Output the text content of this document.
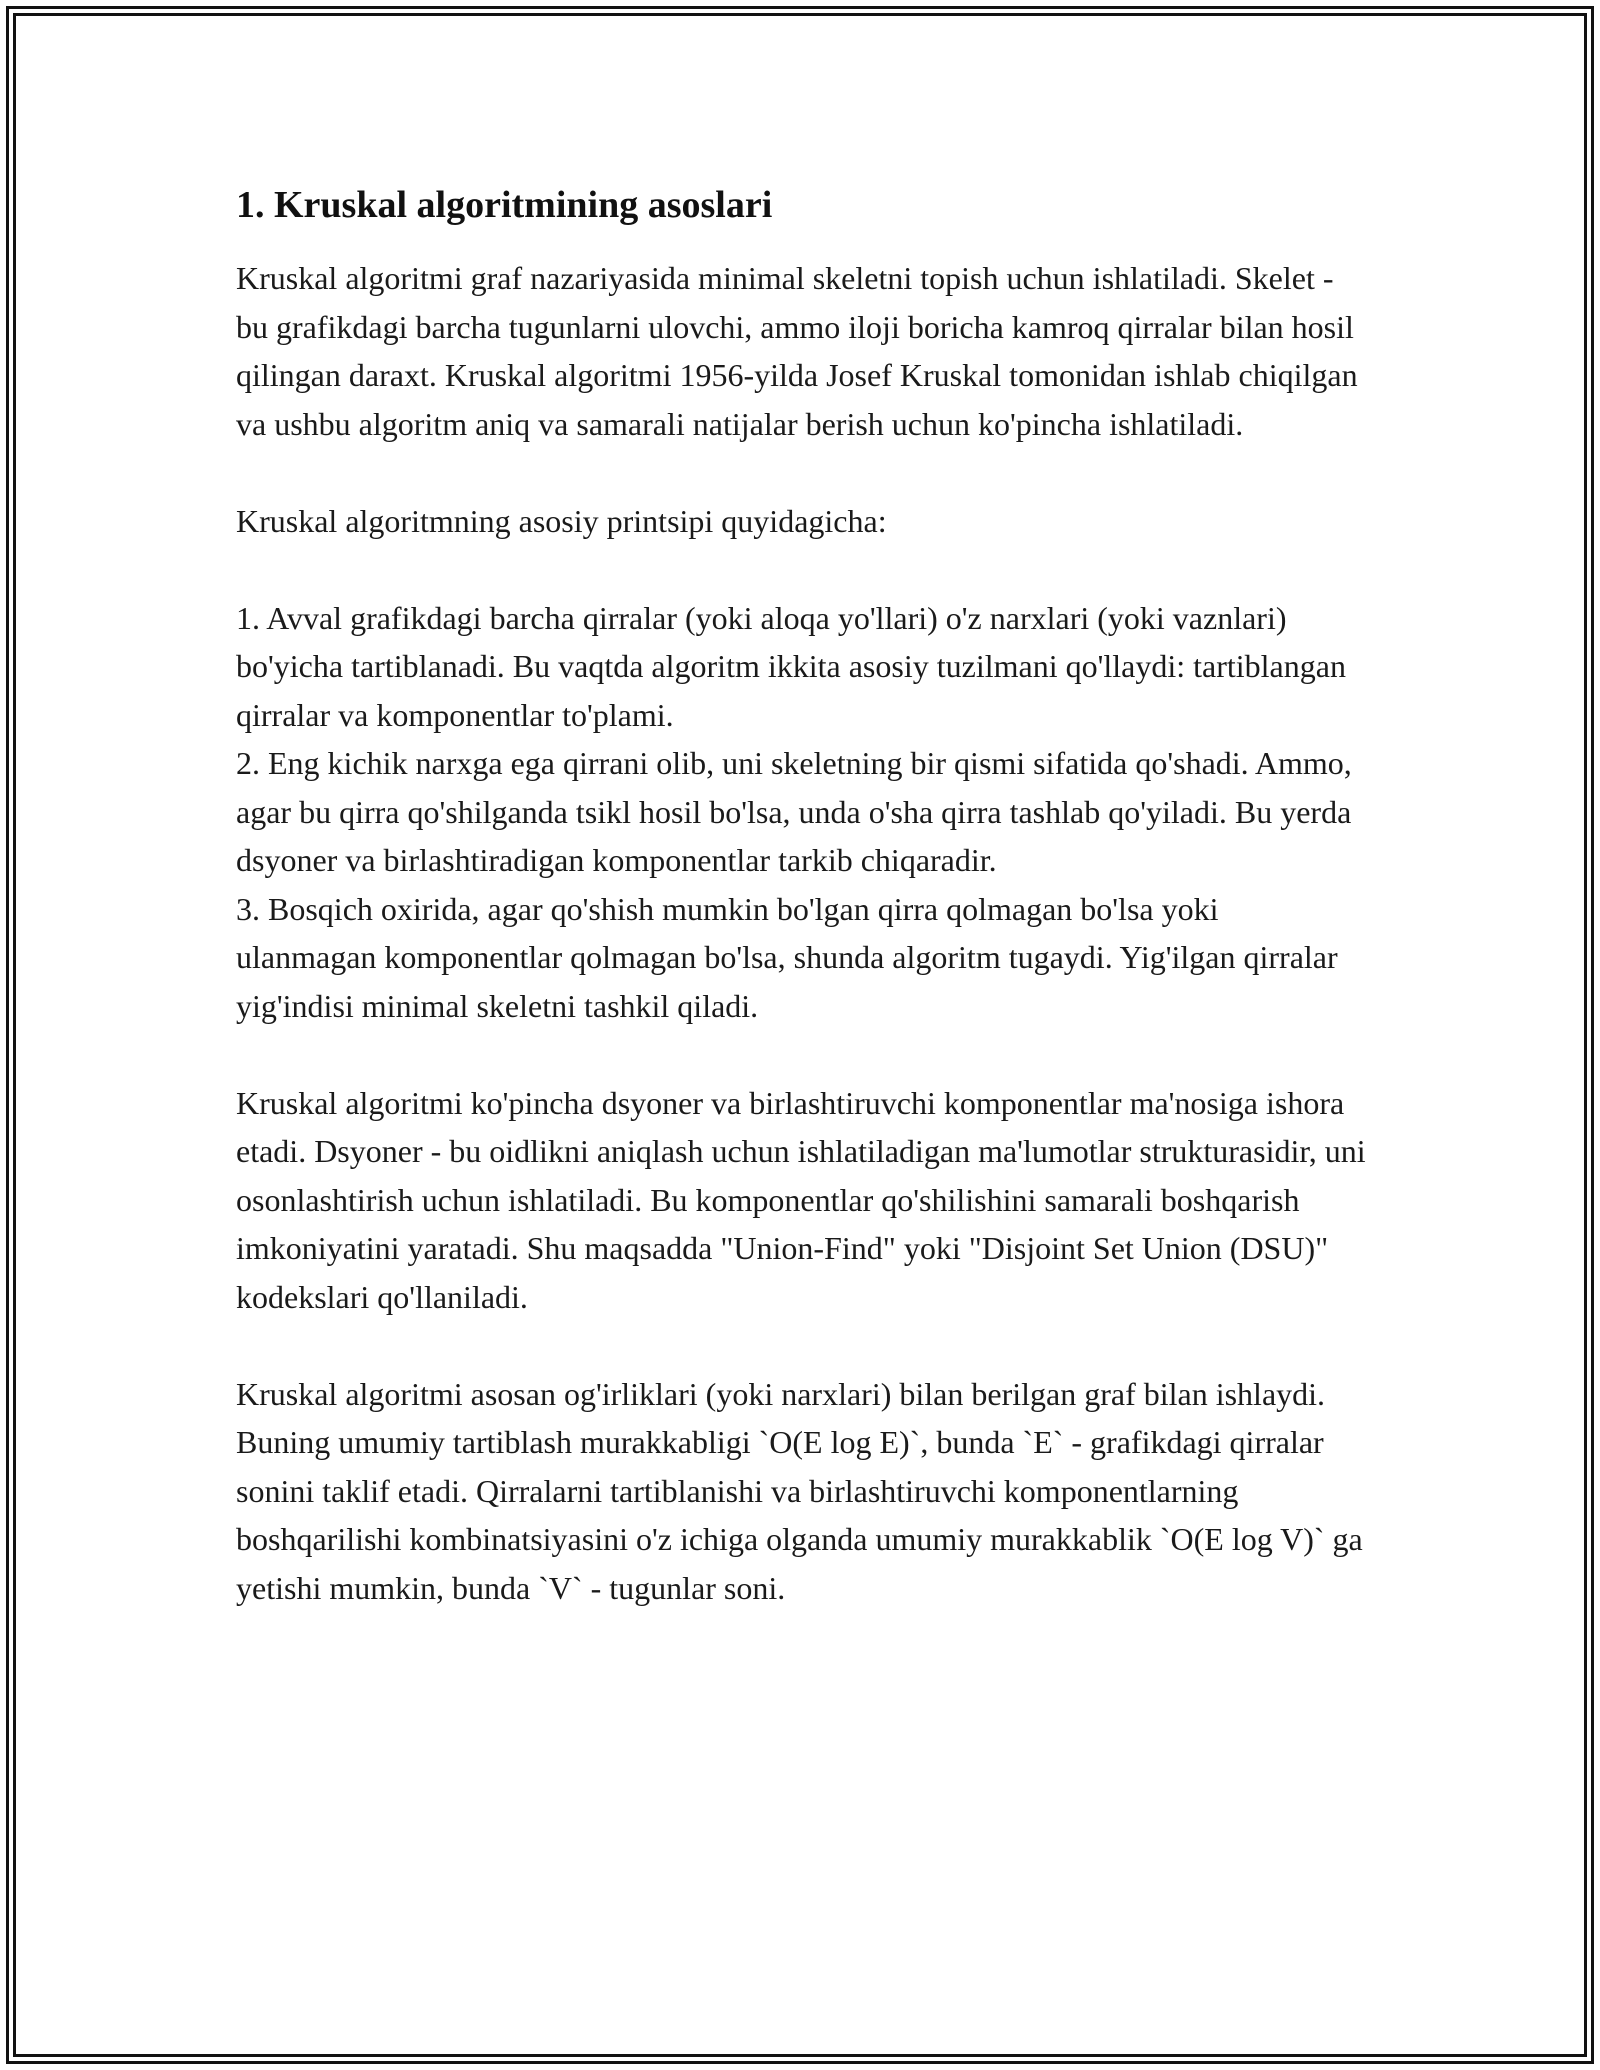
1. Kruskal algoritmining asoslari

Kruskal algoritmi graf nazariyasida minimal skeletni topish uchun ishlatiladi. Skelet - bu grafikdagi barcha tugunlarni ulovchi, ammo iloji boricha kamroq qirralar bilan hosil qilingan daraxt. Kruskal algoritmi 1956-yilda Josef Kruskal tomonidan ishlab chiqilgan va ushbu algoritm aniq va samarali natijalar berish uchun ko'pincha ishlatiladi.

Kruskal algoritmning asosiy printsipi quyidagicha:

1. Avval grafikdagi barcha qirralar (yoki aloqa yo'llari) o'z narxlari (yoki vaznlari) bo'yicha tartiblanadi. Bu vaqtda algoritm ikkita asosiy tuzilmani qo'llaydi: tartiblangan qirralar va komponentlar to'plami.

2. Eng kichik narxga ega qirrani olib, uni skeletning bir qismi sifatida qo'shadi. Ammo, agar bu qirra qo'shilganda tsikl hosil bo'lsa, unda o'sha qirra tashlab qo'yiladi. Bu yerda dsyoner va birlashtiradigan komponentlar tarkib chiqaradir.

3. Bosqich oxirida, agar qo'shish mumkin bo'lgan qirra qolmagan bo'lsa yoki ulanmagan komponentlar qolmagan bo'lsa, shunda algoritm tugaydi. Yig'ilgan qirralar yig'indisi minimal skeletni tashkil qiladi.

Kruskal algoritmi ko'pincha dsyoner va birlashtiruvchi komponentlar ma'nosiga ishora etadi. Dsyoner - bu oidlikni aniqlash uchun ishlatiladigan ma'lumotlar strukturasidir, uni osonlashtirish uchun ishlatiladi. Bu komponentlar qo'shilishini samarali boshqarish imkoniyatini yaratadi. Shu maqsadda "Union-Find" yoki "Disjoint Set Union (DSU)" kodekslari qo'llaniladi.

Kruskal algoritmi asosan og'irliklari (yoki narxlari) bilan berilgan graf bilan ishlaydi. Buning umumiy tartiblash murakkabligi `O(E log E)`, bunda `E` - grafikdagi qirralar sonini taklif etadi. Qirralarni tartiblanishi va birlashtiruvchi komponentlarning boshqarilishi kombinatsiyasini o'z ichiga olganda umumiy murakkablik `O(E log V)` ga yetishi mumkin, bunda `V` - tugunlar soni.
